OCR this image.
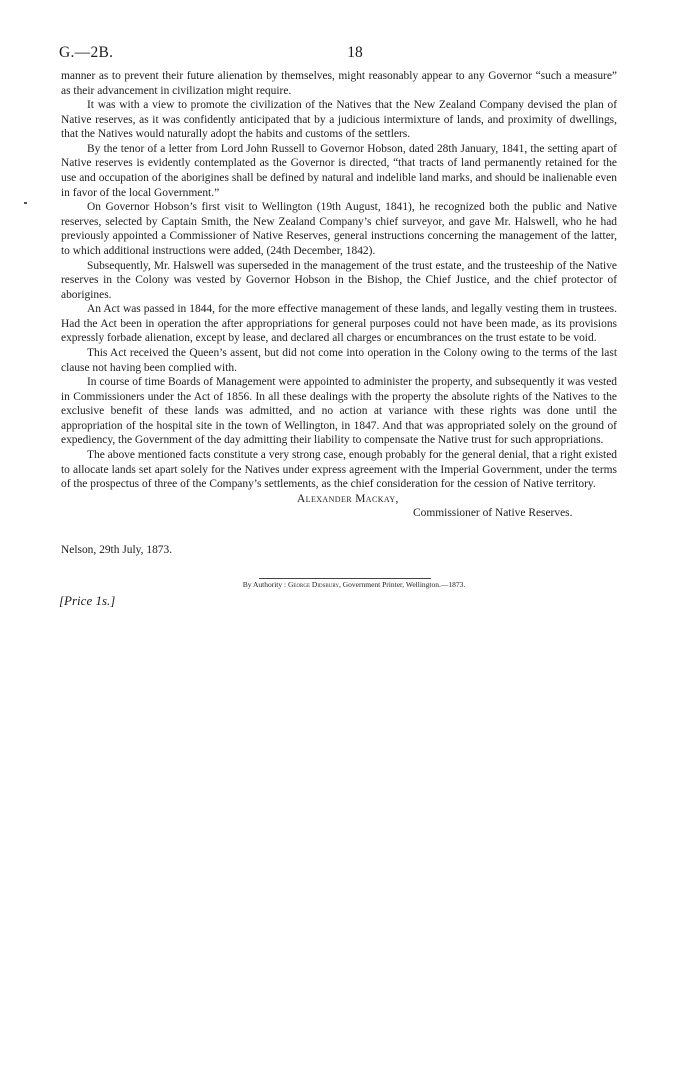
G.—2B.	18

manner as to prevent their future alienation by themselves, might reasonably appear to any Governor “such a measure” as their advancement in civilization might require.

It was with a view to promote the civilization of the Natives that the New Zealand Company devised the plan of Native reserves, as it was confidently anticipated that by a judicious intermixture of lands, and proximity of dwellings, that the Natives would naturally adopt the habits and customs of the settlers.

By the tenor of a letter from Lord John Russell to Governor Hobson, dated 28th January, 1841, the setting apart of Native reserves is evidently contemplated as the Governor is directed, “that tracts of land permanently retained for the use and occupation of the aborigines shall be defined by natural and indelible land marks, and should be inalienable even in favor of the local Government.”

On Governor Hobson’s first visit to Wellington (19th August, 1841), he recognized both the public and Native reserves, selected by Captain Smith, the New Zealand Company’s chief surveyor, and gave Mr. Halswell, who he had previously appointed a Commissioner of Native Reserves, general instructions concerning the management of the latter, to which additional instructions were added, (24th December, 1842).

Subsequently, Mr. Halswell was superseded in the management of the trust estate, and the trusteeship of the Native reserves in the Colony was vested by Governor Hobson in the Bishop, the Chief Justice, and the chief protector of aborigines.

An Act was passed in 1844, for the more effective management of these lands, and legally vesting them in trustees. Had the Act been in operation the after appropriations for general purposes could not have been made, as its provisions expressly forbade alienation, except by lease, and declared all charges or encumbrances on the trust estate to be void.

This Act received the Queen’s assent, but did not come into operation in the Colony owing to the terms of the last clause not having been complied with.

In course of time Boards of Management were appointed to administer the property, and subsequently it was vested in Commissioners under the Act of 1856. In all these dealings with the property the absolute rights of the Natives to the exclusive benefit of these lands was admitted, and no action at variance with these rights was done until the appropriation of the hospital site in the town of Wellington, in 1847. And that was appropriated solely on the ground of expediency, the Government of the day admitting their liability to compensate the Native trust for such appropriations.

The above mentioned facts constitute a very strong case, enough probably for the general denial, that a right existed to allocate lands set apart solely for the Natives under express agreement with the Imperial Government, under the terms of the prospectus of three of the Company’s settlements, as the chief consideration for the cession of Native territory.

Alexander Mackay,
Commissioner of Native Reserves.
Nelson, 29th July, 1873.
By Authority : George Didsbury, Government Printer, Wellington.—1873.
[Price 1s.]
